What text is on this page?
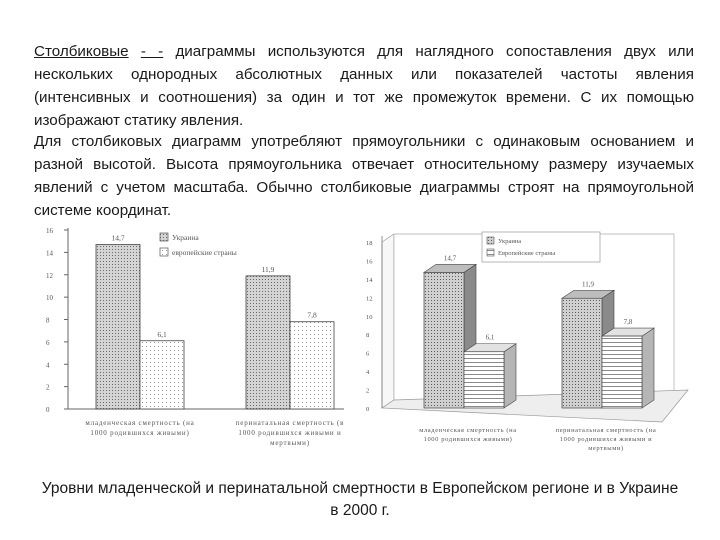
Столбиковые - - диаграммы используются для наглядного сопоставления двух или нескольких однородных абсолютных данных или показателей частоты явления (интенсивных и соотношения) за один и тот же промежуток времени. С их помощью изображают статику явления.

Для столбиковых диаграмм употребляют прямоугольники с одинаковым основанием и разной высотой. Высота прямоугольника отвечает относительному размеру изучаемых явлений с учетом масштаба. Обычно столбиковые диаграммы строят на прямоугольной системе координат.

0
2
4
6
8
10
12
14
16
14,7
11,9
6,1
7,8
Украина
европейские страны
младенческая смертность (на
1000 родившихся живыми)
перинатальная смертность (в
1000 родившихся живыми и
мертвыми)
0
2
4
6
8
10
12
14
16
18
14,7
11,9
6,1
7,8
Украина
Европейские страны
младенческая смертность (на
1000 родившихся живыми)
перинатальная смертность (на
1000 родившихся живыми и
мертвыми)

Уровни младенческой и перинатальной смертности в Европейском регионе и в Украине в 2000 г.
